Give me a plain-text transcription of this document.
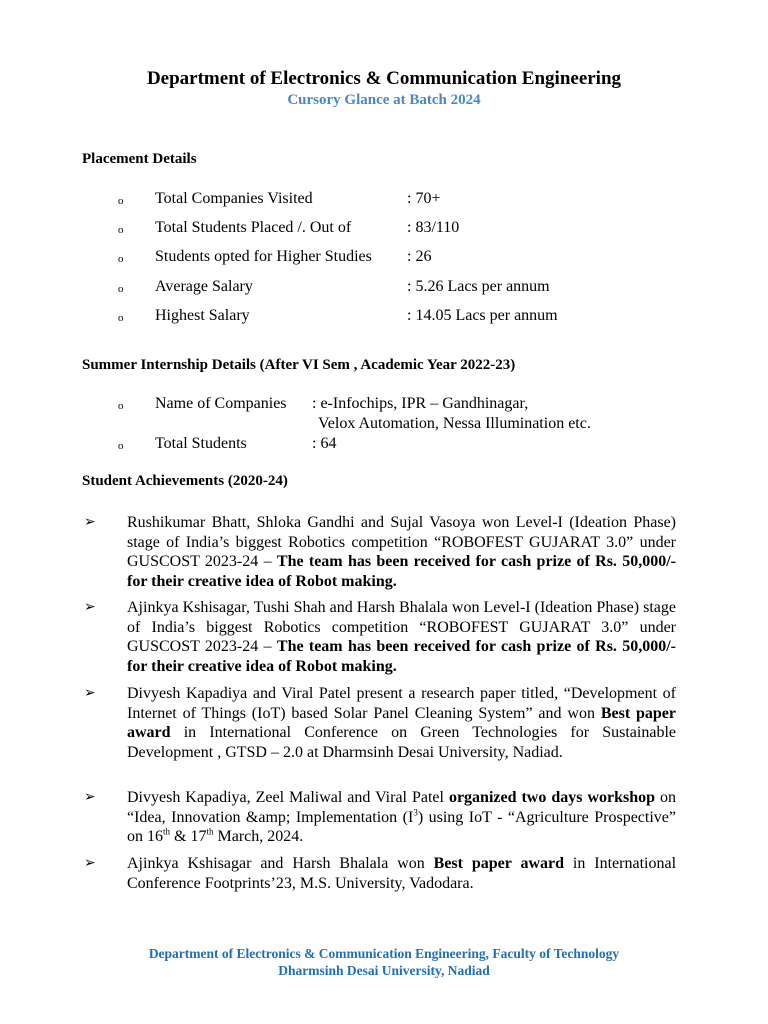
Department of Electronics & Communication Engineering
Cursory Glance at Batch 2024
Placement Details
o Total Companies Visited	: 70+
o Total Students Placed /. Out of	: 83/110
o Students opted for Higher Studies : 26
o Average Salary	: 5.26 Lacs per annum
o Highest Salary	: 14.05 Lacs per annum
Summer Internship Details (After VI Sem , Academic Year 2022-23)
o Name of Companies : e-Infochips, IPR – Gandhinagar,
Velox Automation, Nessa Illumination etc.
o Total Students	: 64
Student Achievements (2020-24)
➢ Rushikumar Bhatt, Shloka Gandhi and Sujal Vasoya won Level-I (Ideation Phase) stage of India’s biggest Robotics competition “ROBOFEST GUJARAT 3.0” under GUSCOST 2023-24 – The team has been received for cash prize of Rs. 50,000/- for their creative idea of Robot making.
➢ Ajinkya Kshisagar, Tushi Shah and Harsh Bhalala won Level-I (Ideation Phase) stage of India’s biggest Robotics competition “ROBOFEST GUJARAT 3.0” under GUSCOST 2023-24 – The team has been received for cash prize of Rs. 50,000/- for their creative idea of Robot making.
➢ Divyesh Kapadiya and Viral Patel present a research paper titled, “Development of Internet of Things (IoT) based Solar Panel Cleaning System” and won Best paper award in International Conference on Green Technologies for Sustainable Development , GTSD – 2.0 at Dharmsinh Desai University, Nadiad.
➢ Divyesh Kapadiya, Zeel Maliwal and Viral Patel organized two days workshop on “Idea, Innovation &amp; Implementation $(I^3)$ using IoT - “Agriculture Prospective” on 16th & 17th March, 2024.
➢ Ajinkya Kshisagar and Harsh Bhalala won Best paper award in International Conference Footprints’23, M.S. University, Vadodara.
Department of Electronics & Communication Engineering, Faculty of Technology
Dharmsinh Desai University, Nadiad
